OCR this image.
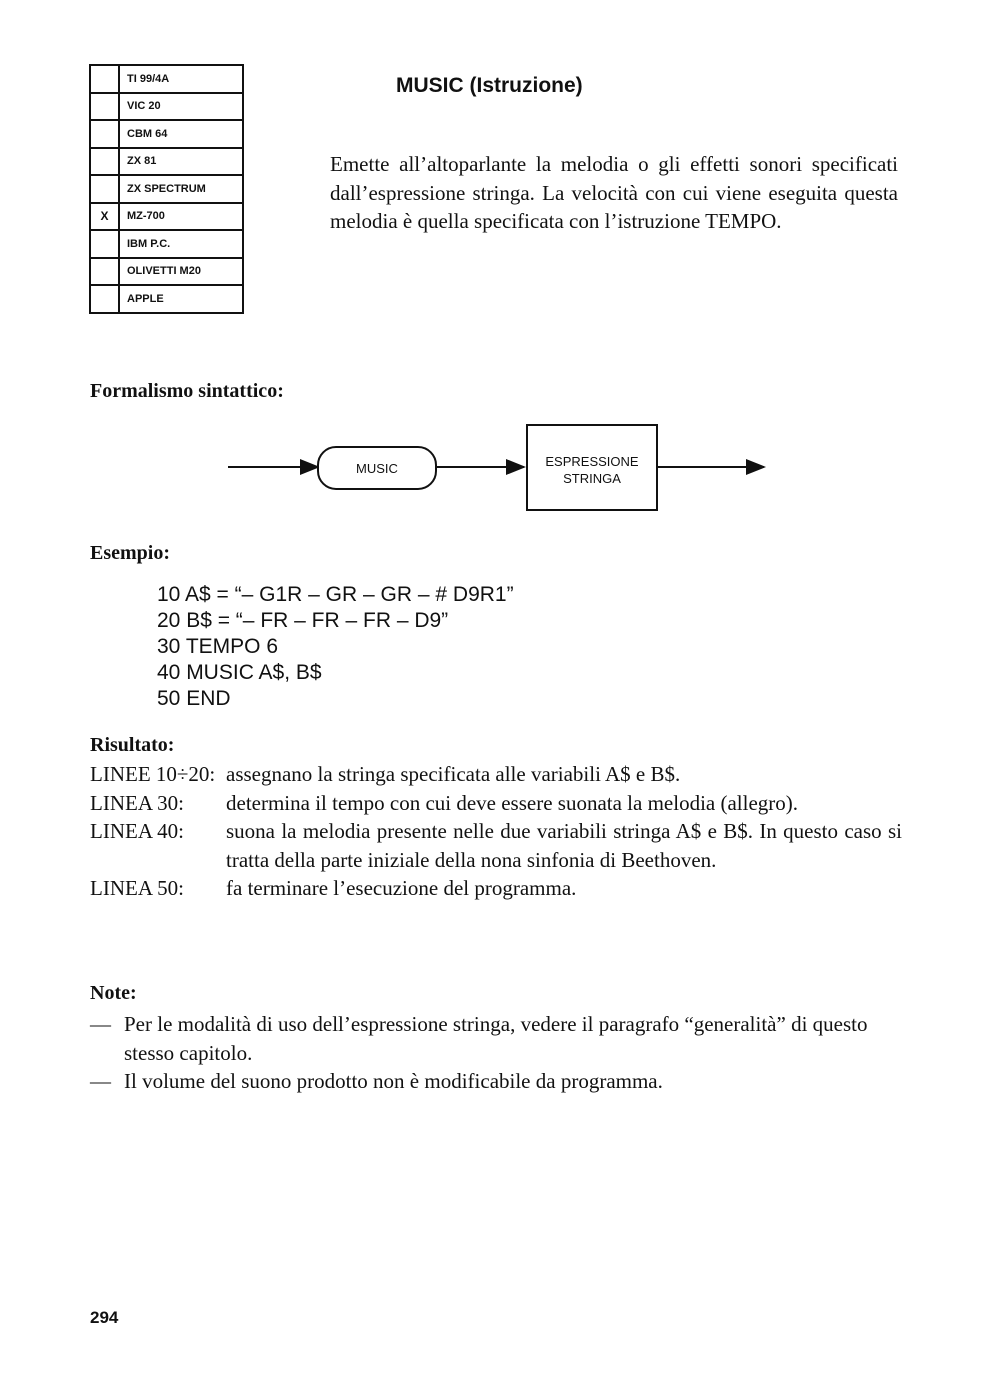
	TI 99/4A
	VIC 20
	CBM 64
	ZX 81
	ZX SPECTRUM
X	MZ-700
	IBM P.C.
	OLIVETTI M20
	APPLE
MUSIC (Istruzione)

Emette all’altoparlante la melodia o gli effetti sonori specificati dall’espressione stringa. La velocità con cui viene eseguita questa melodia è quella specificata con l’istruzione TEMPO.

Formalismo sintattico:
MUSIC	ESPRESSIONE
STRINGA
Esempio:
10 A$ = “– G1R – GR – GR – # D9R1”
20 B$ = “– FR – FR – FR – D9”
30 TEMPO 6
40 MUSIC A$, B$
50 END
Risultato:
LINEE 10÷20: assegnano la stringa specificata alle variabili A$ e B$.
LINEA 30:	determina il tempo con cui deve essere suonata la melodia (allegro).
LINEA 40:	suona la melodia presente nelle due variabili stringa A$ e B$. In questo caso si tratta della parte iniziale della nona sinfonia di Beethoven.
LINEA 50:	fa terminare l’esecuzione del programma.
Note:
— Per le modalità di uso dell’espressione stringa, vedere il paragrafo “generalità” di questo stesso capitolo.
— Il volume del suono prodotto non è modificabile da programma.
294
